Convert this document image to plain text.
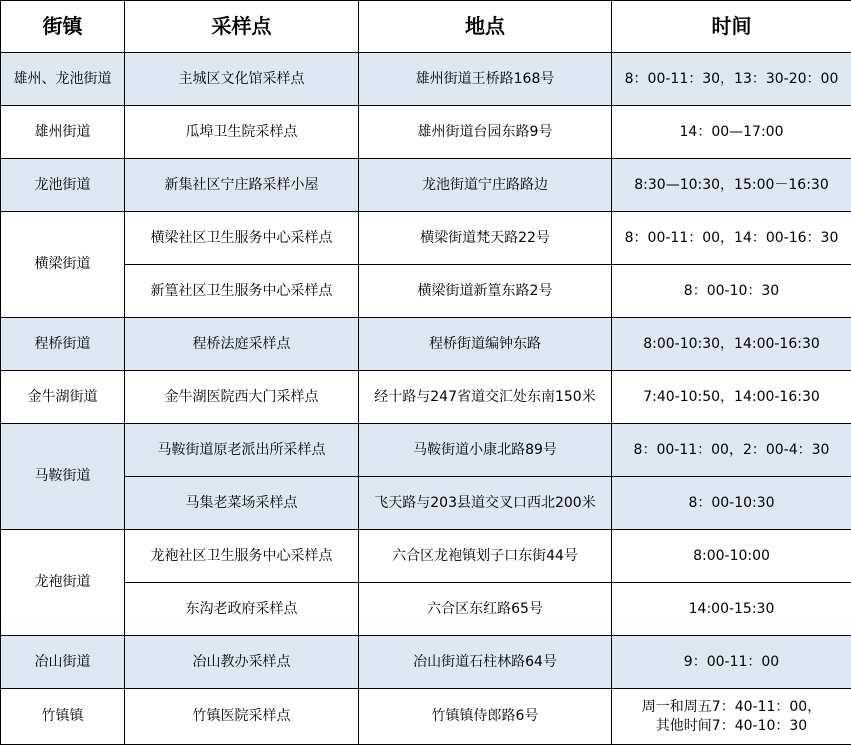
街镇	采样点	地点	时间
雄州、龙池街道	主城区文化馆采样点	雄州街道王桥路168号	8：00-11：30，13：30-20：00
雄州街道	瓜埠卫生院采样点	雄州街道台园东路9号	14：00—17:00
龙池街道	新集社区宁庄路采样小屋	龙池街道宁庄路路边	8:30—10:30，15:00－16:30
横梁街道	横梁社区卫生服务中心采样点	横梁街道梵天路22号	8：00-11：00，14：00-16：30
	新篁社区卫生服务中心采样点	横梁街道新篁东路2号	8：00-10：30
程桥街道	程桥法庭采样点	程桥街道编钟东路	8:00-10:30，14:00-16:30
金牛湖街道	金牛湖医院西大门采样点	经十路与247省道交汇处东南150米	7:40-10:50，14:00-16:30
马鞍街道	马鞍街道原老派出所采样点	马鞍街道小康北路89号	8：00-11：00，2：00-4：30
	马集老菜场采样点	飞天路与203县道交叉口西北200米	8：00-10:30
龙袍街道	龙袍社区卫生服务中心采样点	六合区龙袍镇划子口东街44号	8:00-10:00
	东沟老政府采样点	六合区东红路65号	14:00-15:30
冶山街道	冶山教办采样点	冶山街道石柱林路64号	9：00-11：00
竹镇镇	竹镇医院采样点	竹镇镇侍郎路6号	周一和周五7：40-11：00，
其他时间7：40-10：30
